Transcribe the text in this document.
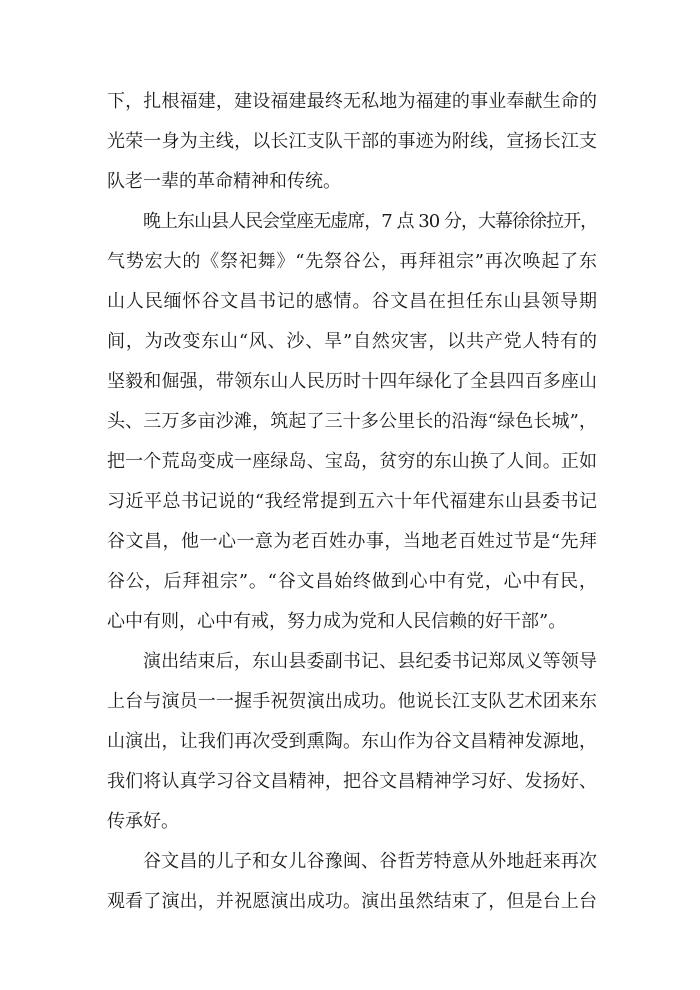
下，扎根福建，建设福建最终无私地为福建的事业奉献生命的
光荣一身为主线，以长江支队干部的事迹为附线，宣扬长江支
队老一辈的革命精神和传统。
晚上东山县人民会堂座无虚席，7 点 30 分，大幕徐徐拉开，
气势宏大的《祭祀舞》“先祭谷公，再拜祖宗”再次唤起了东
山人民缅怀谷文昌书记的感情。谷文昌在担任东山县领导期
间，为改变东山“风、沙、旱”自然灾害，以共产党人特有的
坚毅和倔强，带领东山人民历时十四年绿化了全县四百多座山
头、三万多亩沙滩，筑起了三十多公里长的沿海“绿色长城”，
把一个荒岛变成一座绿岛、宝岛，贫穷的东山换了人间。正如
习近平总书记说的“我经常提到五六十年代福建东山县委书记
谷文昌，他一心一意为老百姓办事，当地老百姓过节是“先拜
谷公，后拜祖宗”。“谷文昌始终做到心中有党，心中有民，
心中有则，心中有戒，努力成为党和人民信赖的好干部”。
演出结束后，东山县委副书记、县纪委书记郑凤义等领导
上台与演员一一握手祝贺演出成功。他说长江支队艺术团来东
山演出，让我们再次受到熏陶。东山作为谷文昌精神发源地，
我们将认真学习谷文昌精神，把谷文昌精神学习好、发扬好、
传承好。
谷文昌的儿子和女儿谷豫闽、谷哲芳特意从外地赶来再次
观看了演出，并祝愿演出成功。演出虽然结束了，但是台上台
